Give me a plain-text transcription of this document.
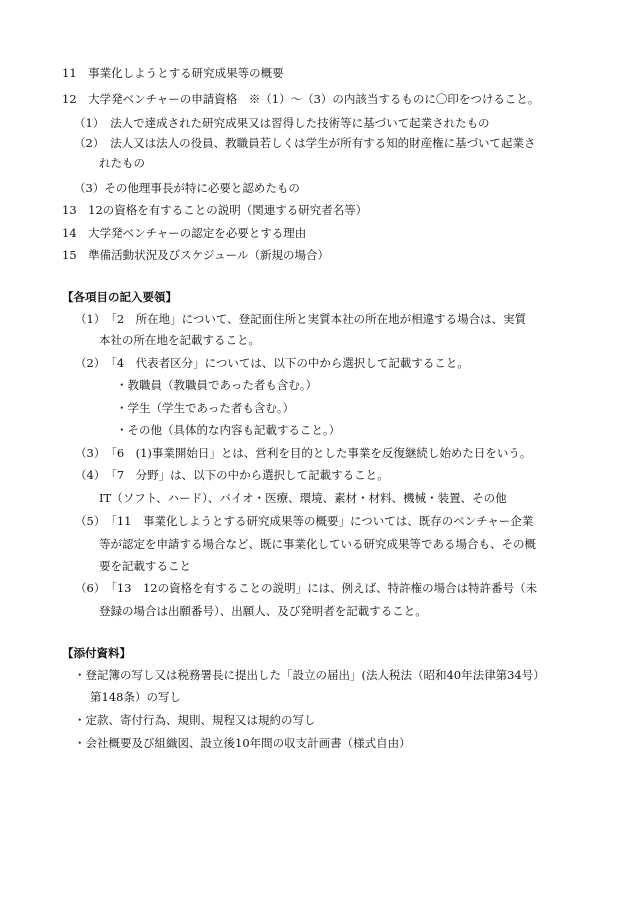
11　事業化しようとする研究成果等の概要
12　大学発ベンチャーの申請資格　※（1）～（3）の内該当するものに〇印をつけること。
（1）　法人で達成された研究成果又は習得した技術等に基づいて起業されたもの
（2）　法人又は法人の役員、教職員若しくは学生が所有する知的財産権に基づいて起業さ
れたもの
（3）その他理事長が特に必要と認めたもの
13　12の資格を有することの説明（関連する研究者名等）
14　大学発ベンチャーの認定を必要とする理由
15　準備活動状況及びスケジュール（新規の場合）
【各項目の記入要領】
（1）　「2　所在地」について、登記面住所と実質本社の所在地が相違する場合は、実質
本社の所在地を記載すること。
（2）　「4　代表者区分」については、以下の中から選択して記載すること。
・教職員（教職員であった者も含む。）
・学生（学生であった者も含む。）
・その他（具体的な内容も記載すること。）
（3）　「6　(1)事業開始日」とは、営利を目的とした事業を反復継続し始めた日をいう。
（4）　「7　分野」は、以下の中から選択して記載すること。
IT（ソフト、ハード）、バイオ・医療、環境、素材・材料、機械・装置、その他
（5）　「11　事業化しようとする研究成果等の概要」については、既存のベンチャー企業
等が認定を申請する場合など、既に事業化している研究成果等である場合も、その概
要を記載すること
（6）　「13　12の資格を有することの説明」には、例えば、特許権の場合は特許番号（未
登録の場合は出願番号）、出願人、及び発明者を記載すること。
【添付資料】
・登記簿の写し又は税務署長に提出した「設立の届出」(法人税法（昭和40年法律第34号）
第148条）の写し
・定款、寄付行為、規則、規程又は規約の写し
・会社概要及び組織図、設立後10年間の収支計画書（様式自由）
